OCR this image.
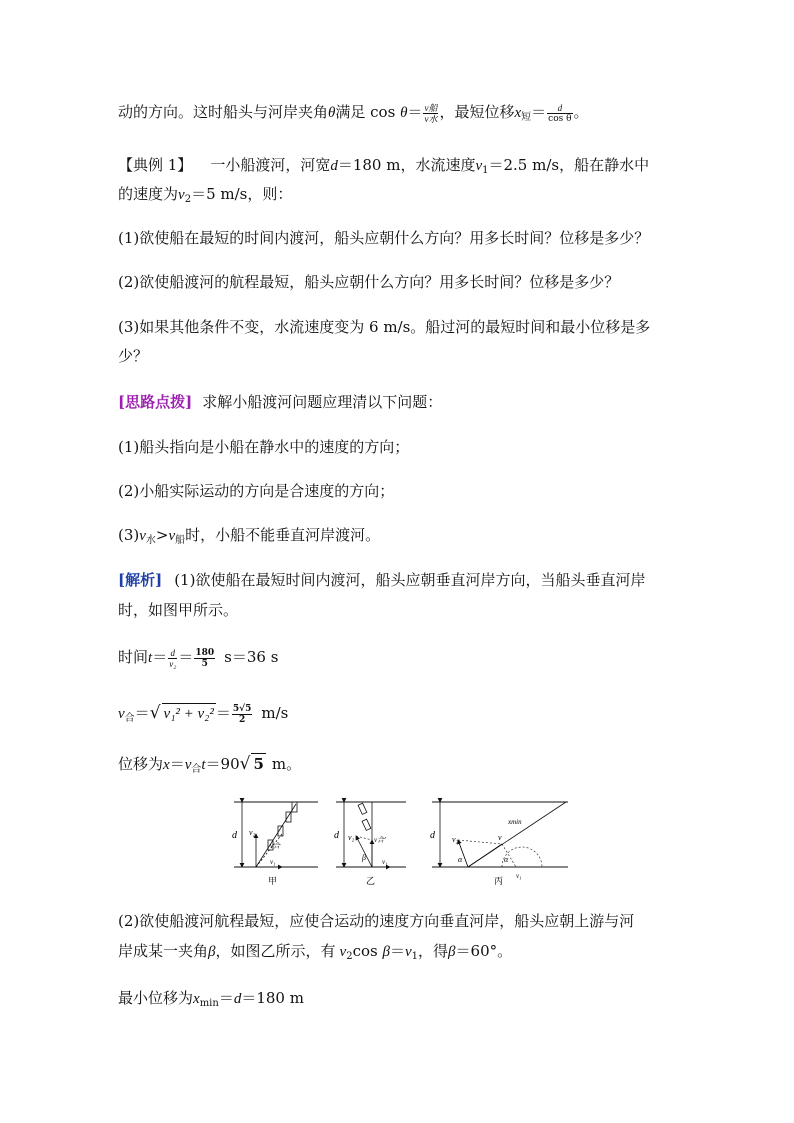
动的方向。这时船头与河岸夹角θ满足 $\cos \theta= \frac{\text{v船}}{\text{v水}}$ ，最短位移$x_短= \frac{d}{\text{cos θ}}$ 。
【典例 1】 一小船渡河，河宽d＝180 m，水流速度$v_1=2.5$ m/s，船在静水中
的速度为$v_2=5$ m/s，则：
(1)欲使船在最短的时间内渡河，船头应朝什么方向？用多长时间？位移是多少？
(2)欲使船渡河的航程最短，船头应朝什么方向？用多长时间？位移是多少？
(3)如果其他条件不变，水流速度变为 6 m/s。船过河的最短时间和最小位移是多
少？
[思路点拨] 求解小船渡河问题应理清以下问题：
(1)船头指向是小船在静水中的速度的方向；
(2)小船实际运动的方向是合速度的方向；
$(3)v_水>v_船$时，小船不能垂直河岸渡河。
[解析] (1)欲使船在最短时间内渡河，船头应朝垂直河岸方向，当船头垂直河岸
时，如图甲所示。
时间$t= \frac{d}{\text{v₂}} = \frac{180}{5} s=36$ s
$v_合=√$ $v_1^2 + v_2^2 = \frac{5√5}{2} m/s$
位移为$x=v_合t=90√$ 5 m。
d v₂
v合
v₁
甲
d v₂	v合′
β v₁
乙
d v₂	v
α	α
v₁
xmin
丙
(2)欲使船渡河航程最短，应使合运动的速度方向垂直河岸，船头应朝上游与河
岸成某一夹角β，如图乙所示，有 $v_2\cos$ $\beta=v_1$，得β＝60°。
最小位移为$x_{min}=d=180$ m
